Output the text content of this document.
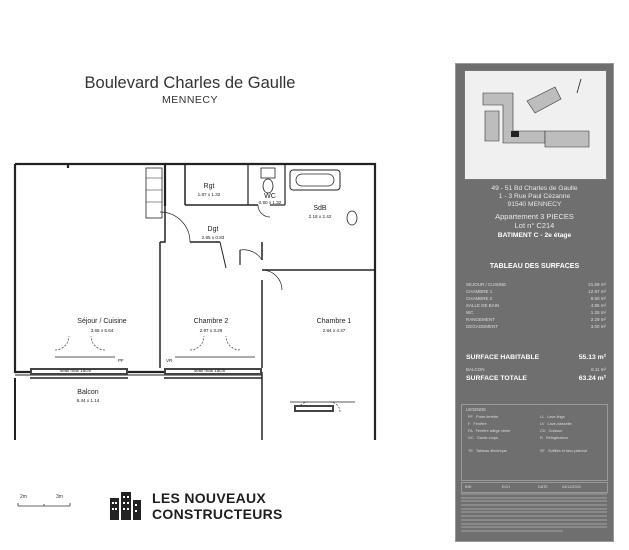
Boulevard Charles de Gaulle
MENNECY
Rgt
1.87 x 1.32	WC
0.80 x 1.32
Dgt
2.85 x 0.83
SdB
2.18 x 2.42
Séjour / Cuisine
3.65 x 5.64
Chambre 2
2.97 x 3.29
Chambre 1
2.84 x 4.47
Balcon
6.44 x 1.14
PF	VR
seuil max 15cm	seuil max 15cm
2m	3m	LES NOUVEAUX
CONSTRUCTEURS
49 - 51 Bd Charles de Gaulle
1 - 3 Rue Paul Cézanne
91540 MENNECY
Appartement 3 PIECES
Lot n° C214
BATIMENT C - 2e étage
TABLEAU DES SURFACES
SEJOUR / CUISINE	21.59 m²
CHAMBRE 1	12.87 m²
CHAMBRE 2	9.50 m²
SALLE DE BAIN	4.85 m²
WC	1.25 m²
RANGEMENT	2.29 m²
DEGAGEMENT	3.00 m²
SURFACE HABITABLE	55.13 m²
BALCON	8.11 m²
SURFACE TOTALE	63.24 m²
LEGENDE
PF Porte-fenêtre
F Fenêtre
FA Fenêtre allège vitrée
GC Garde-corps
LL Lave-linge
LV Lave-vaisselle
CU Cuisson
R Réfrigérateur
TE Tableau électrique	SF Soffites et faux-plafond
IND	ECH	DATE	04/11/2020
